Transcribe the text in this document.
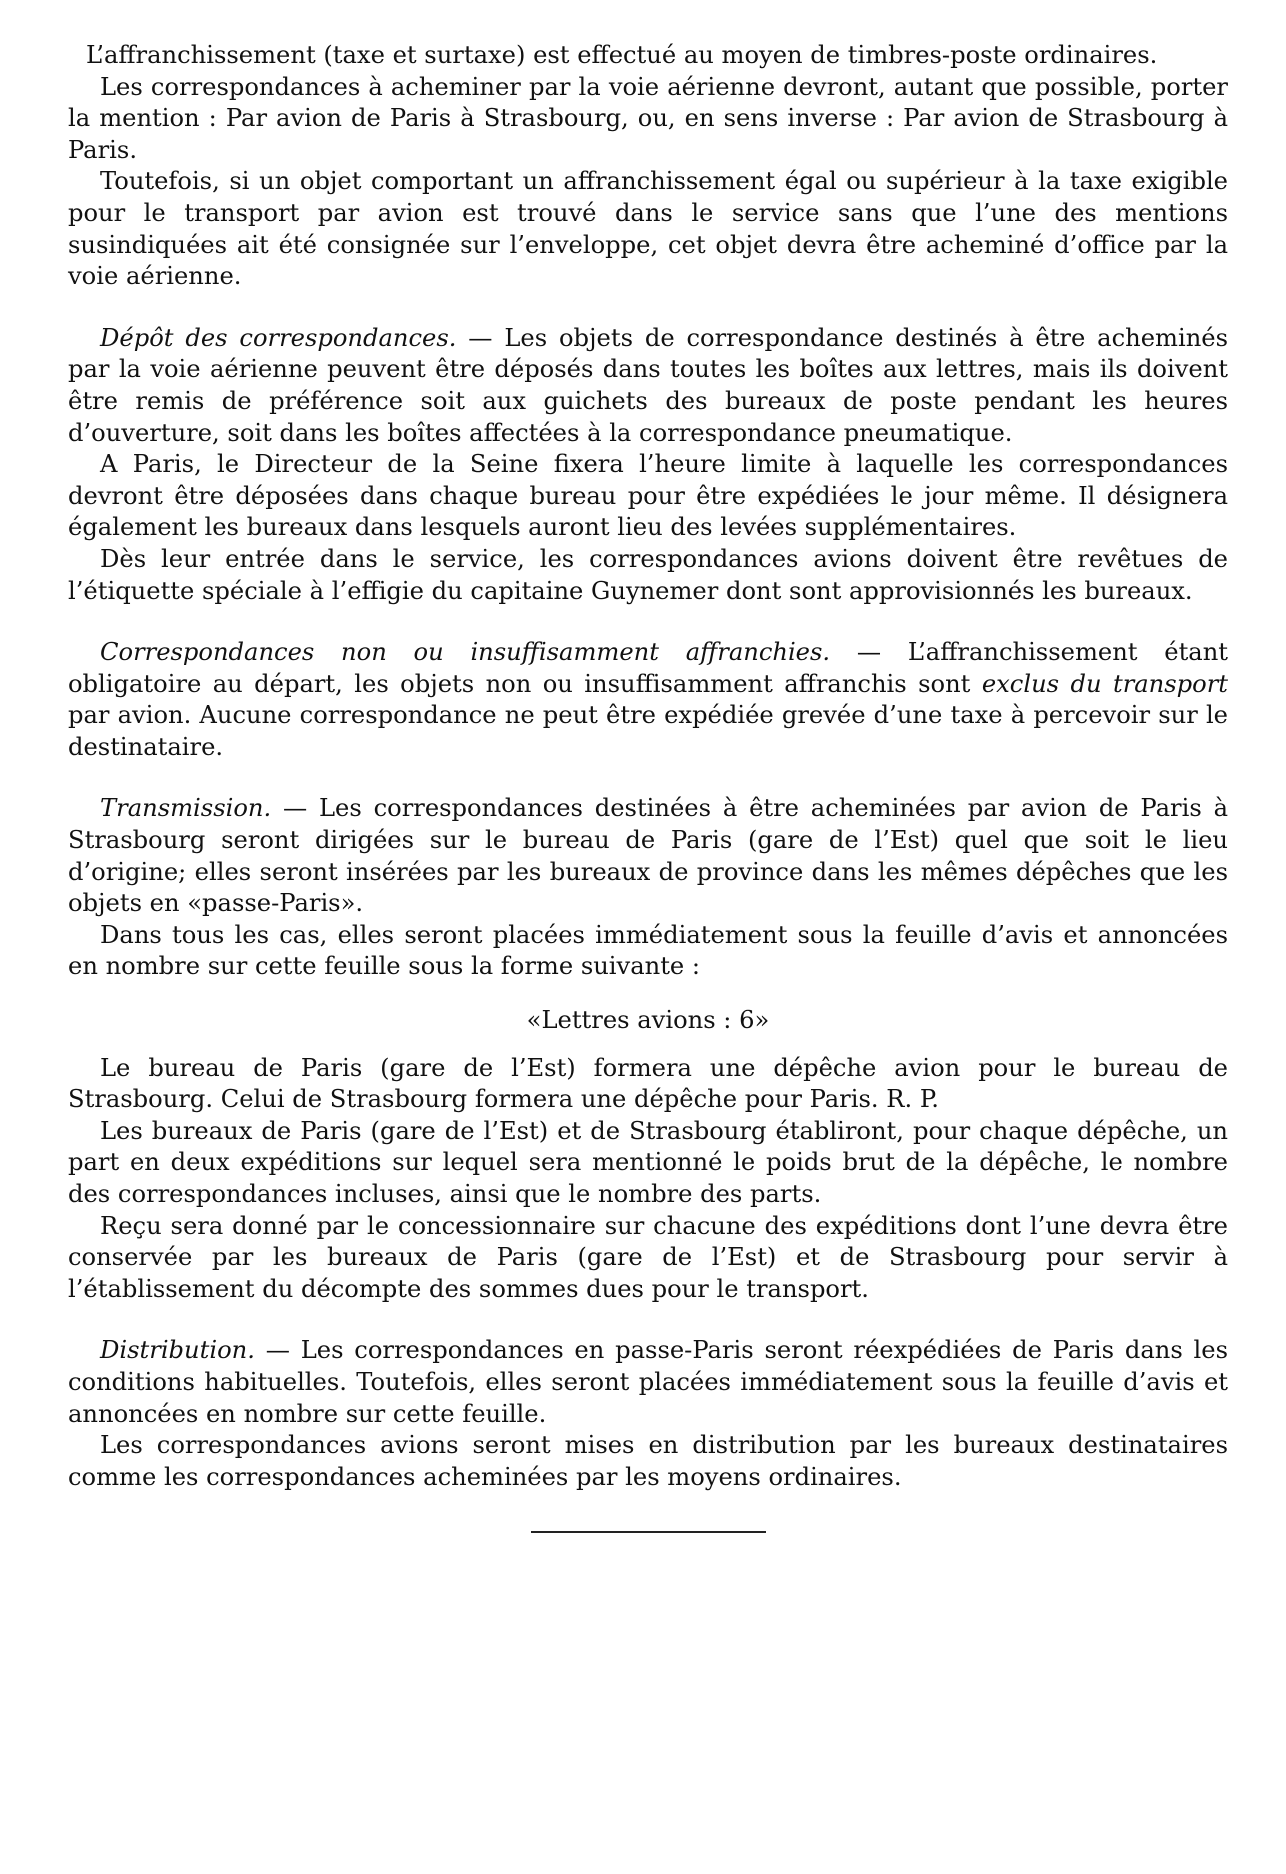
L’affranchissement (taxe et surtaxe) est effectué au moyen de timbres-poste ordinaires.

Les correspondances à acheminer par la voie aérienne devront, autant que possible, porter la mention : Par avion de Paris à Strasbourg, ou, en sens inverse : Par avion de Strasbourg à Paris.

Toutefois, si un objet comportant un affranchissement égal ou supérieur à la taxe exigible pour le transport par avion est trouvé dans le service sans que l’une des mentions susindiquées ait été consignée sur l’enveloppe, cet objet devra être acheminé d’office par la voie aérienne.

Dépôt des correspondances. — Les objets de correspondance destinés à être acheminés par la voie aérienne peuvent être déposés dans toutes les boîtes aux lettres, mais ils doivent être remis de préférence soit aux guichets des bureaux de poste pendant les heures d’ouverture, soit dans les boîtes affectées à la correspondance pneumatique.

A Paris, le Directeur de la Seine fixera l’heure limite à laquelle les correspondances devront être déposées dans chaque bureau pour être expédiées le jour même. Il désignera également les bureaux dans lesquels auront lieu des levées supplémentaires.

Dès leur entrée dans le service, les correspondances avions doivent être revêtues de l’étiquette spéciale à l’effigie du capitaine Guynemer dont sont approvisionnés les bureaux.

Correspondances non ou insuffisamment affranchies. — L’affranchissement étant obligatoire au départ, les objets non ou insuffisamment affranchis sont exclus du transport par avion. Aucune correspondance ne peut être expédiée grevée d’une taxe à percevoir sur le destinataire.

Transmission. — Les correspondances destinées à être acheminées par avion de Paris à Strasbourg seront dirigées sur le bureau de Paris (gare de l’Est) quel que soit le lieu d’origine; elles seront insérées par les bureaux de province dans les mêmes dépêches que les objets en «passe-Paris».

Dans tous les cas, elles seront placées immédiatement sous la feuille d’avis et annoncées en nombre sur cette feuille sous la forme suivante :

«Lettres avions : 6»

Le bureau de Paris (gare de l’Est) formera une dépêche avion pour le bureau de Strasbourg. Celui de Strasbourg formera une dépêche pour Paris. R. P.

Les bureaux de Paris (gare de l’Est) et de Strasbourg établiront, pour chaque dépêche, un part en deux expéditions sur lequel sera mentionné le poids brut de la dépêche, le nombre des correspondances incluses, ainsi que le nombre des parts.

Reçu sera donné par le concessionnaire sur chacune des expéditions dont l’une devra être conservée par les bureaux de Paris (gare de l’Est) et de Strasbourg pour servir à l’établissement du décompte des sommes dues pour le transport.

Distribution. — Les correspondances en passe-Paris seront réexpédiées de Paris dans les conditions habituelles. Toutefois, elles seront placées immédiatement sous la feuille d’avis et annoncées en nombre sur cette feuille.

Les correspondances avions seront mises en distribution par les bureaux destinataires comme les correspondances acheminées par les moyens ordinaires.
